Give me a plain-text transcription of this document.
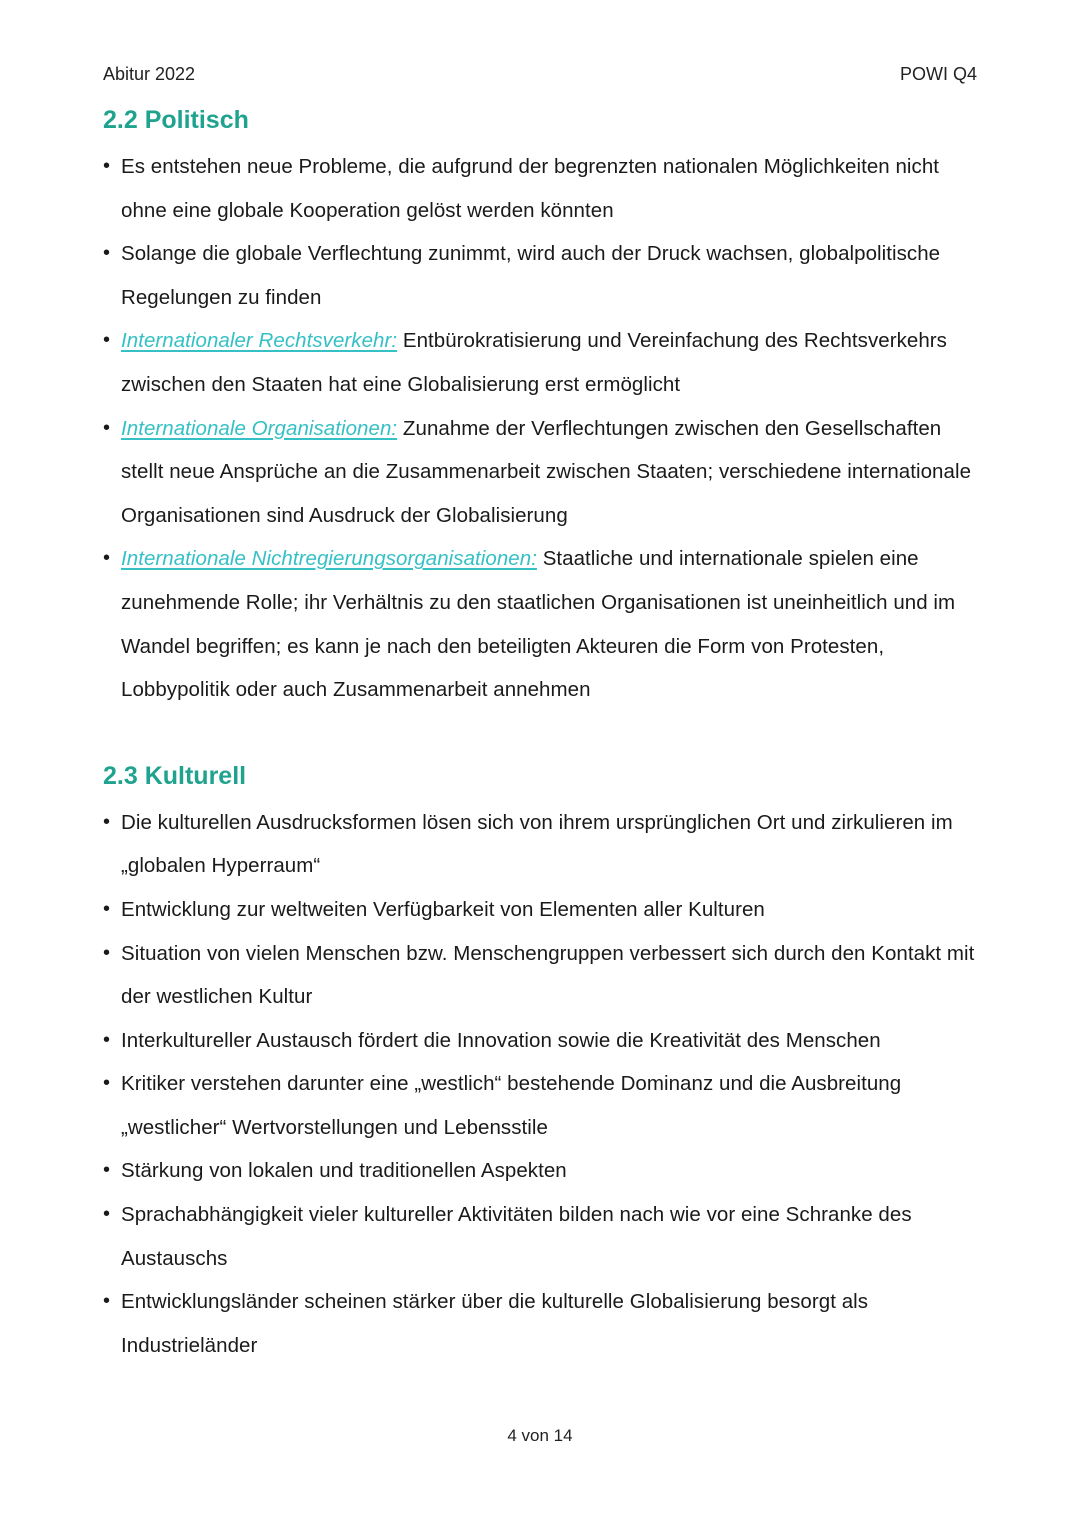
Abitur 2022	POWI Q4
2.2 Politisch
• Es entstehen neue Probleme, die aufgrund der begrenzten nationalen Möglichkeiten nicht ohne eine globale Kooperation gelöst werden könnten
• Solange die globale Verflechtung zunimmt, wird auch der Druck wachsen, globalpolitische Regelungen zu finden
• Internationaler Rechtsverkehr: Entbürokratisierung und Vereinfachung des Rechtsverkehrs zwischen den Staaten hat eine Globalisierung erst ermöglicht
• Internationale Organisationen: Zunahme der Verflechtungen zwischen den Gesellschaften stellt neue Ansprüche an die Zusammenarbeit zwischen Staaten; verschiedene internationale Organisationen sind Ausdruck der Globalisierung
• Internationale Nichtregierungsorganisationen: Staatliche und internationale spielen eine zunehmende Rolle; ihr Verhältnis zu den staatlichen Organisationen ist uneinheitlich und im Wandel begriffen; es kann je nach den beteiligten Akteuren die Form von Protesten, Lobbypolitik oder auch Zusammenarbeit annehmen
2.3 Kulturell
• Die kulturellen Ausdrucksformen lösen sich von ihrem ursprünglichen Ort und zirkulieren im „globalen Hyperraum“
• Entwicklung zur weltweiten Verfügbarkeit von Elementen aller Kulturen
• Situation von vielen Menschen bzw. Menschengruppen verbessert sich durch den Kontakt mit der westlichen Kultur
• Interkultureller Austausch fördert die Innovation sowie die Kreativität des Menschen
• Kritiker verstehen darunter eine „westlich“ bestehende Dominanz und die Ausbreitung „westlicher“ Wertvorstellungen und Lebensstile
• Stärkung von lokalen und traditionellen Aspekten
• Sprachabhängigkeit vieler kultureller Aktivitäten bilden nach wie vor eine Schranke des Austauschs
• Entwicklungsländer scheinen stärker über die kulturelle Globalisierung besorgt als Industrieländer
4 von 14
